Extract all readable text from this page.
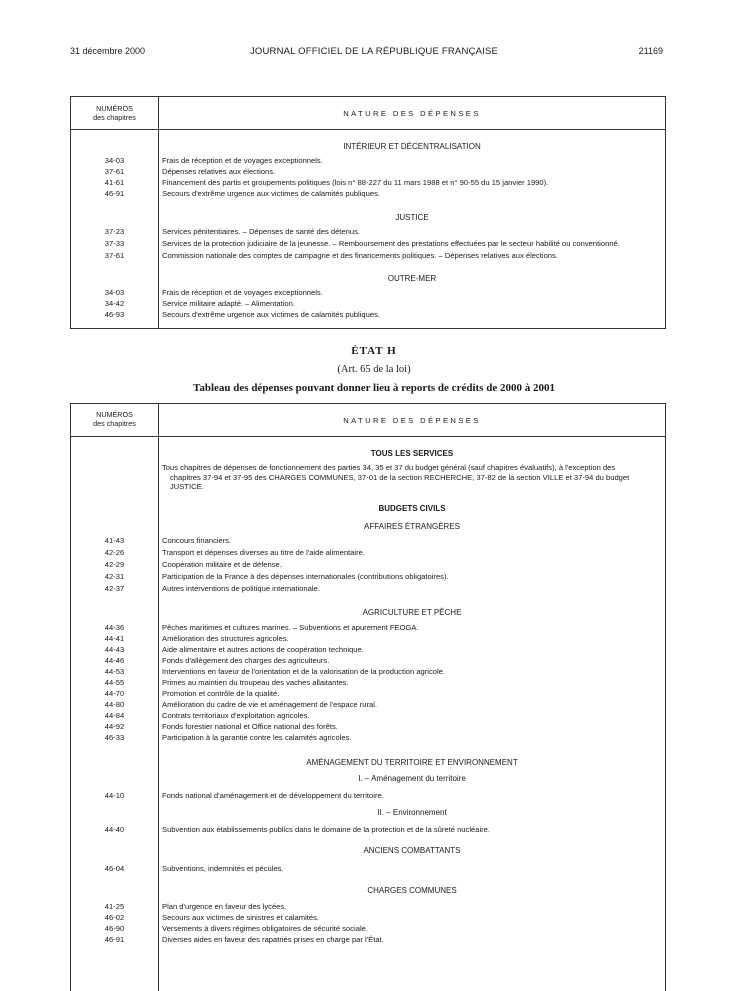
31 décembre 2000	JOURNAL OFFICIEL DE LA RÉPUBLIQUE FRANÇAISE	21169
NUMÉROS
des chapitres	NATURE DES DÉPENSES
INTÉRIEUR ET DÉCENTRALISATION
34-03	Frais de réception et de voyages exceptionnels.
37-61	Dépenses relatives aux élections.
41-61	Financement des partis et groupements politiques (lois n° 88-227 du 11 mars 1988 et n° 90-55 du 15 janvier 1990).
46-91	Secours d'extrême urgence aux victimes de calamités publiques.
JUSTICE
37-23	Services pénitentiaires. – Dépenses de santé des détenus.
37-33	Services de la protection judiciaire de la jeunesse. – Remboursement des prestations effectuées par le secteur habilité ou conventionné.
37-61	Commission nationale des comptes de campagne et des financements politiques. – Dépenses relatives aux élections.
OUTRE-MER
34-03	Frais de réception et de voyages exceptionnels.
34-42	Service militaire adapté. – Alimentation.
46-93	Secours d'extrême urgence aux victimes de calamités publiques.
ÉTAT H
(Art. 65 de la loi)
Tableau des dépenses pouvant donner lieu à reports de crédits de 2000 à 2001
NUMÉROS
des chapitres	NATURE DES DÉPENSES
TOUS LES SERVICES
Tous chapitres de dépenses de fonctionnement des parties 34, 35 et 37 du budget général (sauf chapitres évaluatifs), à l'exception des
chapitres 37-94 et 37-95 des CHARGES COMMUNES, 37-01 de la section RECHERCHE, 37-82 de la section VILLE et 37-94 du budget
JUSTICE.
BUDGETS CIVILS
AFFAIRES ÉTRANGÈRES
41-43	Concours financiers.
42-26	Transport et dépenses diverses au titre de l'aide alimentaire.
42-29	Coopération militaire et de défense.
42-31	Participation de la France à des dépenses internationales (contributions obligatoires).
42-37	Autres interventions de politique internationale.
AGRICULTURE ET PÊCHE
44-36	Pêches maritimes et cultures marines. – Subventions et apurement FEOGA.
44-41	Amélioration des structures agricoles.
44-43	Aide alimentaire et autres actions de coopération technique.
44-46	Fonds d'allègement des charges des agriculteurs.
44-53	Interventions en faveur de l'orientation et de la valorisation de la production agricole.
44-55	Primes au maintien du troupeau des vaches allaitantes.
44-70	Promotion et contrôle de la qualité.
44-80	Amélioration du cadre de vie et aménagement de l'espace rural.
44-84	Contrats territoriaux d'exploitation agricoles.
44-92	Fonds forestier national et Office national des forêts.
46-33	Participation à la garantie contre les calamités agricoles.
AMÉNAGEMENT DU TERRITOIRE ET ENVIRONNEMENT
I. – Aménagement du territoire
44-10	Fonds national d'aménagement et de développement du territoire.
II. – Environnement
44-40	Subvention aux établissements publics dans le domaine de la protection et de la sûreté nucléaire.
ANCIENS COMBATTANTS
46-04	Subventions, indemnités et pécules.
CHARGES COMMUNES
41-25	Plan d'urgence en faveur des lycées.
46-02	Secours aux victimes de sinistres et calamités.
46-90	Versements à divers régimes obligatoires de sécurité sociale.
46-91	Diverses aides en faveur des rapatriés prises en charge par l'État.
